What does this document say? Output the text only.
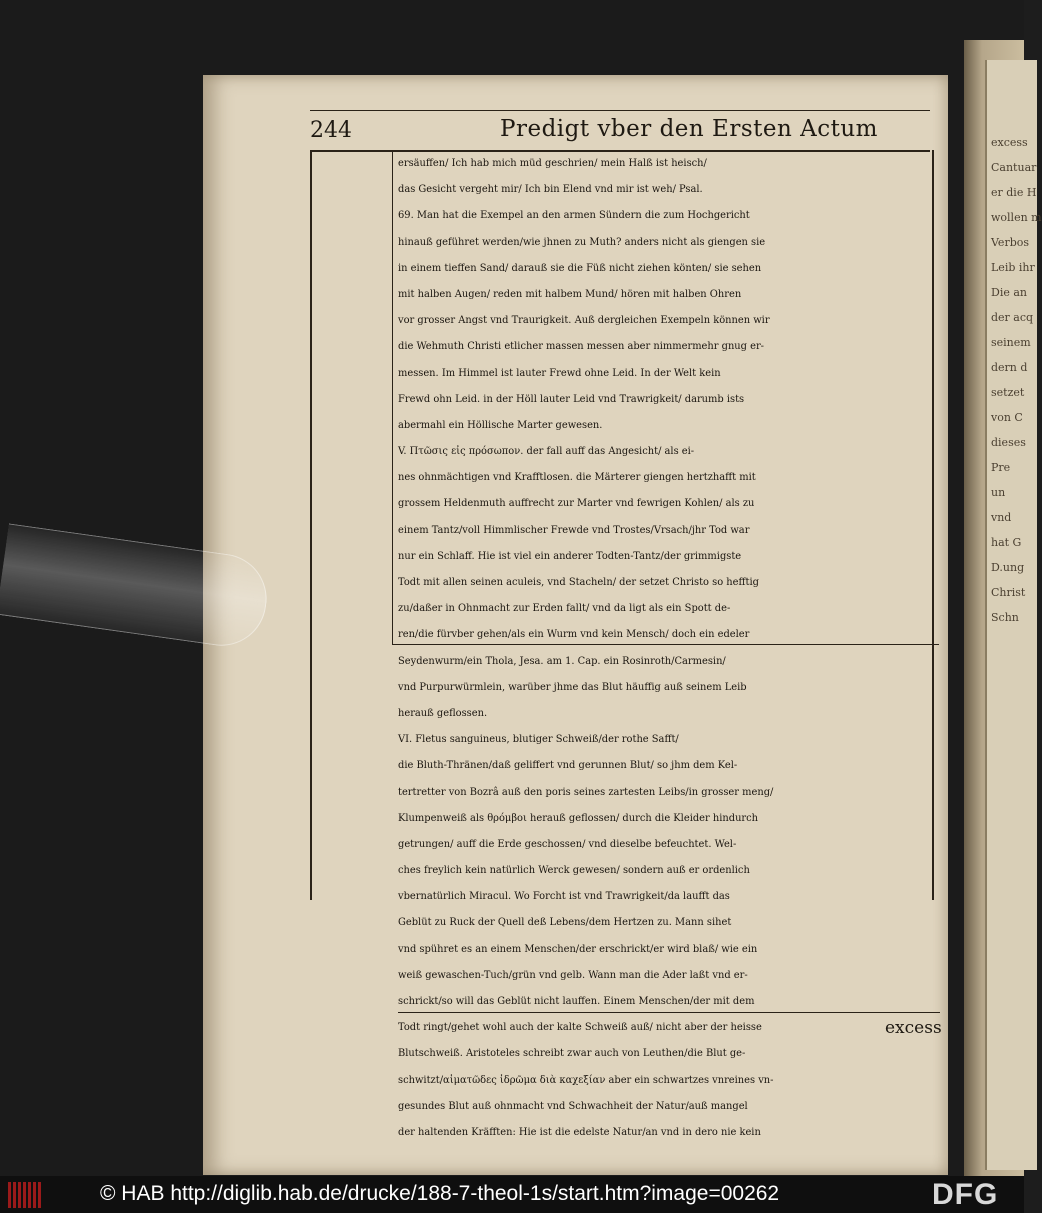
excess
Cantuar
er die H
wollen m
Verbos
Leib ihr
Die an
der acq
seinem
dern d
setzet
von C
dieses
Pre
un
vnd
hat G
D.ung
Christ
Schn
244	Predigt vber den Ersten Actum
ersäuffen/ Ich hab mich müd geschrien/ mein Halß ist heisch/
das Gesicht vergeht mir/ Ich bin Elend vnd mir ist weh/ Psal.
69. Man hat die Exempel an den armen Sündern die zum Hochgericht
hinauß geführet werden/wie jhnen zu Muth? anders nicht als giengen sie
in einem tieffen Sand/ darauß sie die Füß nicht ziehen könten/ sie sehen
mit halben Augen/ reden mit halbem Mund/ hören mit halben Ohren
vor grosser Angst vnd Traurigkeit. Auß dergleichen Exempeln können wir
die Wehmuth Christi etlicher massen messen aber nimmermehr gnug er-
messen. Im Himmel ist lauter Frewd ohne Leid. In der Welt kein
Frewd ohn Leid. in der Höll lauter Leid vnd Trawrigkeit/ darumb ists
abermahl ein Höllische Marter gewesen.
V. Πτῶσις εἰς πρόσωπον. der fall auff das Angesicht/ als ei-
nes ohnmächtigen vnd Krafftlosen. die Märterer giengen hertzhafft mit
grossem Heldenmuth auffrecht zur Marter vnd fewrigen Kohlen/ als zu
einem Tantz/voll Himmlischer Frewde vnd Trostes/Vrsach/jhr Tod war
nur ein Schlaff. Hie ist viel ein anderer Todten-Tantz/der grimmigste
Todt mit allen seinen aculeis, vnd Stacheln/ der setzet Christo so hefftig
zu/daßer in Ohnmacht zur Erden fallt/ vnd da ligt als ein Spott de-
ren/die fürvber gehen/als ein Wurm vnd kein Mensch/ doch ein edeler
Seydenwurm/ein Thola, Jesa. am 1. Cap. ein Rosinroth/Carmesin/
vnd Purpurwürmlein, warüber jhme das Blut häuffig auß seinem Leib
herauß geflossen.
VI. Fletus sanguineus, blutiger Schweiß/der rothe Safft/
die Bluth-Thränen/daß geliffert vnd gerunnen Blut/ so jhm dem Kel-
tertretter von Bozrâ auß den poris seines zartesten Leibs/in grosser meng/
Klumpenweiß als θρόμβοι herauß geflossen/ durch die Kleider hindurch
getrungen/ auff die Erde geschossen/ vnd dieselbe befeuchtet. Wel-
ches freylich kein natürlich Werck gewesen/ sondern auß er ordenlich
vbernatürlich Miracul. Wo Forcht ist vnd Trawrigkeit/da laufft das
Geblüt zu Ruck der Quell deß Lebens/dem Hertzen zu. Mann sihet
vnd spühret es an einem Menschen/der erschrickt/er wird blaß/ wie ein
weiß gewaschen-Tuch/grün vnd gelb. Wann man die Ader laßt vnd er-
schrickt/so will das Geblüt nicht lauffen. Einem Menschen/der mit dem
Todt ringt/gehet wohl auch der kalte Schweiß auß/ nicht aber der heisse
Blutschweiß. Aristoteles schreibt zwar auch von Leuthen/die Blut ge-
schwitzt/αἱματῶδες ἱδρῶμα διὰ καχεξίαν aber ein schwartzes vnreines vn-
gesundes Blut auß ohnmacht vnd Schwachheit der Natur/auß mangel
der haltenden Kräfften: Hie ist die edelste Natur/an vnd in dero nie kein
excess
© HAB http://diglib.hab.de/drucke/188-7-theol-1s/start.htm?image=00262	DFG
